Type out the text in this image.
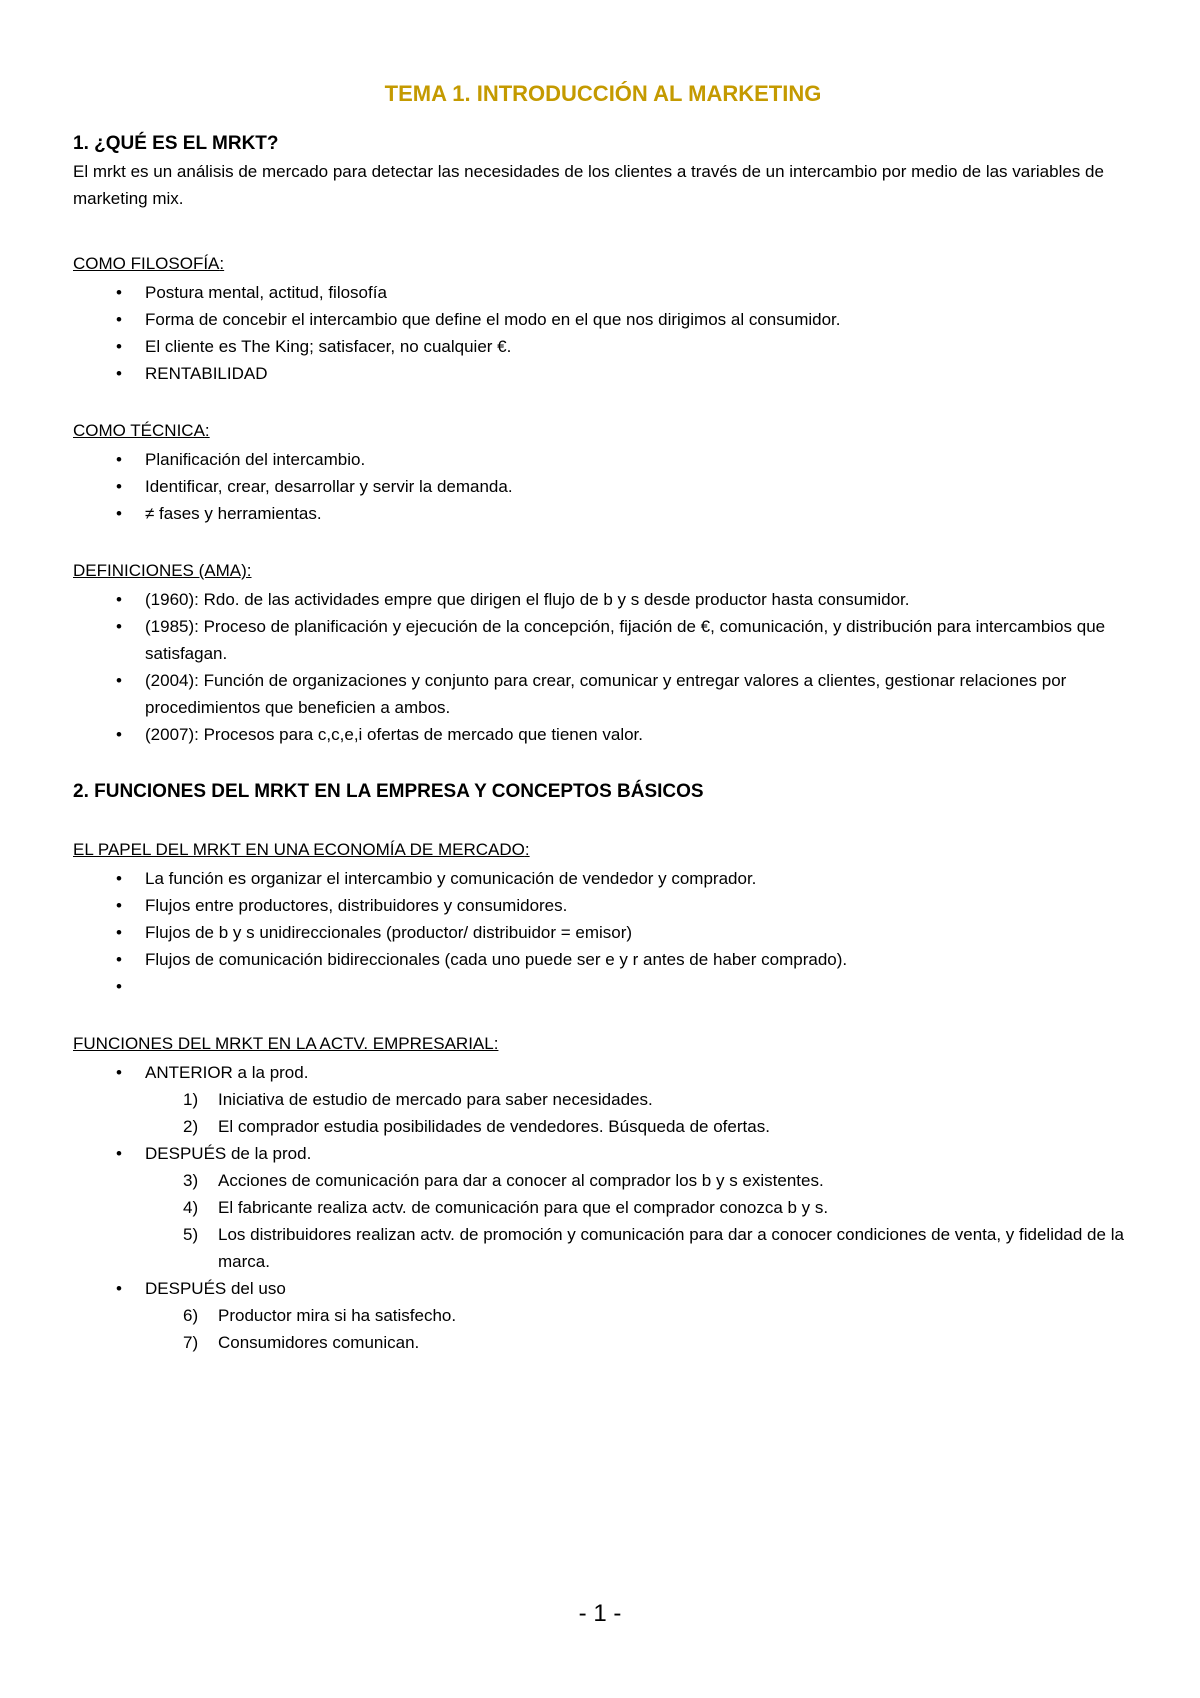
TEMA 1. INTRODUCCIÓN AL MARKETING
1. ¿QUÉ ES EL MRKT?

El mrkt es un análisis de mercado para detectar las necesidades de los clientes a través de un intercambio por medio de las variables de marketing mix.

COMO FILOSOFÍA:

• Postura mental, actitud, filosofía
• Forma de concebir el intercambio que define el modo en el que nos dirigimos al consumidor.
• El cliente es The King; satisfacer, no cualquier €.
• RENTABILIDAD

COMO TÉCNICA:

• Planificación del intercambio.
• Identificar, crear, desarrollar y servir la demanda.
• ≠ fases y herramientas.

DEFINICIONES (AMA):

• (1960): Rdo. de las actividades empre que dirigen el flujo de b y s desde productor hasta consumidor.
• (1985): Proceso de planificación y ejecución de la concepción, fijación de €, comunicación, y distribución para intercambios que satisfagan.
• (2004): Función de organizaciones y conjunto para crear, comunicar y entregar valores a clientes, gestionar relaciones por procedimientos que beneficien a ambos.
• (2007): Procesos para c,c,e,i ofertas de mercado que tienen valor.
2. FUNCIONES DEL MRKT EN LA EMPRESA Y CONCEPTOS BÁSICOS

EL PAPEL DEL MRKT EN UNA ECONOMÍA DE MERCADO:

• La función es organizar el intercambio y comunicación de vendedor y comprador.
• Flujos entre productores, distribuidores y consumidores.
• Flujos de b y s unidireccionales (productor/ distribuidor = emisor)
• Flujos de comunicación bidireccionales (cada uno puede ser e y r antes de haber comprado).
•

FUNCIONES DEL MRKT EN LA ACTV. EMPRESARIAL:

• ANTERIOR a la prod.
1) Iniciativa de estudio de mercado para saber necesidades.
2) El comprador estudia posibilidades de vendedores. Búsqueda de ofertas.
• DESPUÉS de la prod.
3) Acciones de comunicación para dar a conocer al comprador los b y s existentes.
4) El fabricante realiza actv. de comunicación para que el comprador conozca b y s.
5) Los distribuidores realizan actv. de promoción y comunicación para dar a conocer condiciones de venta, y fidelidad de la marca.
• DESPUÉS del uso
6) Productor mira si ha satisfecho.
7) Consumidores comunican.
- 1 -
